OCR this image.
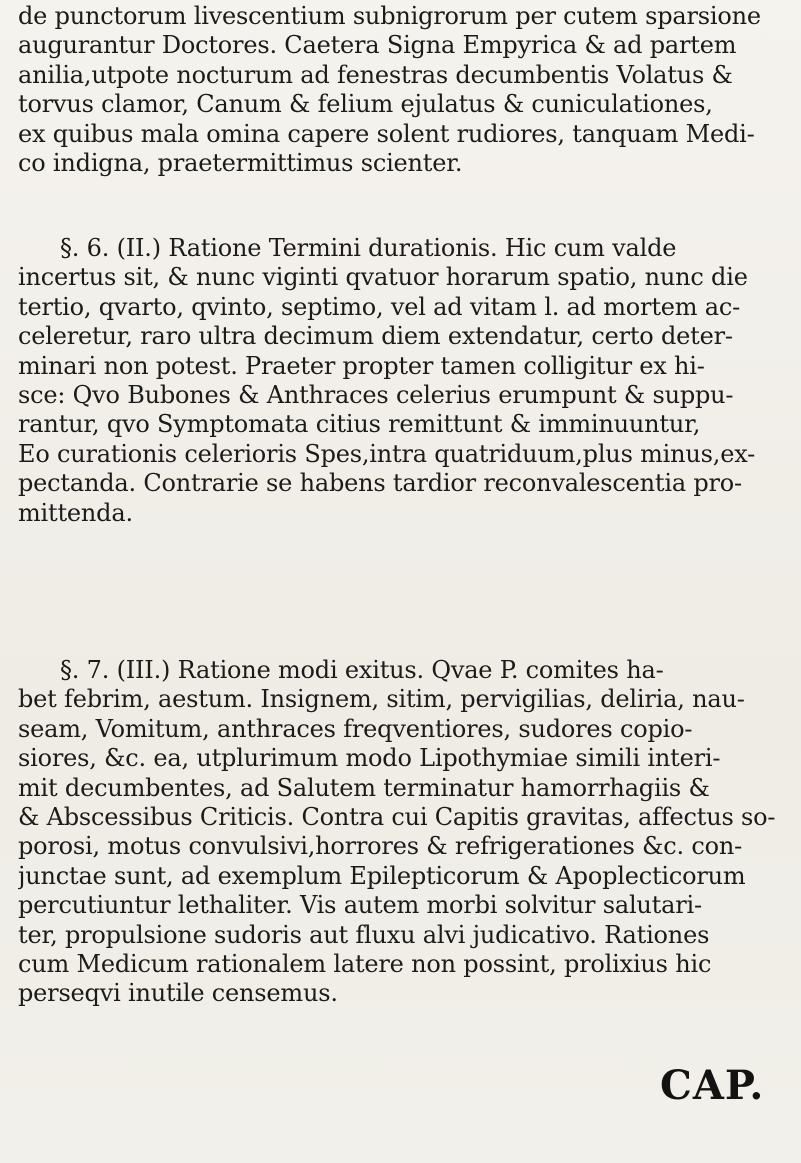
de punctorum livescentium subnigrorum per cutem sparsione
augurantur Doctores. Caetera Signa Empyrica & ad partem
anilia,utpote nocturum ad fenestras decumbentis Volatus &
torvus clamor, Canum & felium ejulatus & cuniculationes,
ex quibus mala omina capere solent rudiores, tanquam Medi-
co indigna, praetermittimus scienter.
§. 6. (II.) Ratione Termini durationis. Hic cum valde
incertus sit, & nunc viginti qvatuor horarum spatio, nunc die
tertio, qvarto, qvinto, septimo, vel ad vitam l. ad mortem ac-
celeretur, raro ultra decimum diem extendatur, certo deter-
minari non potest. Praeter propter tamen colligitur ex hi-
sce: Qvo Bubones & Anthraces celerius erumpunt & suppu-
rantur, qvo Symptomata citius remittunt & imminuuntur,
Eo curationis celerioris Spes,intra quatriduum,plus minus,ex-
pectanda. Contrarie se habens tardior reconvalescentia pro-
mittenda.
§. 7. (III.) Ratione modi exitus. Qvae P. comites ha-
bet febrim, aestum. Insignem, sitim, pervigilias, deliria, nau-
seam, Vomitum, anthraces freqventiores, sudores copio-
siores, &c. ea, utplurimum modo Lipothymiae simili interi-
mit decumbentes, ad Salutem terminatur hamorrhagiis &
& Abscessibus Criticis. Contra cui Capitis gravitas, affectus so-
porosi, motus convulsivi,horrores & refrigerationes &c. con-
junctae sunt, ad exemplum Epilepticorum & Apoplecticorum
percutiuntur lethaliter. Vis autem morbi solvitur salutari-
ter, propulsione sudoris aut fluxu alvi judicativo. Rationes
cum Medicum rationalem latere non possint, prolixius hic
perseqvi inutile censemus.
CAP.
